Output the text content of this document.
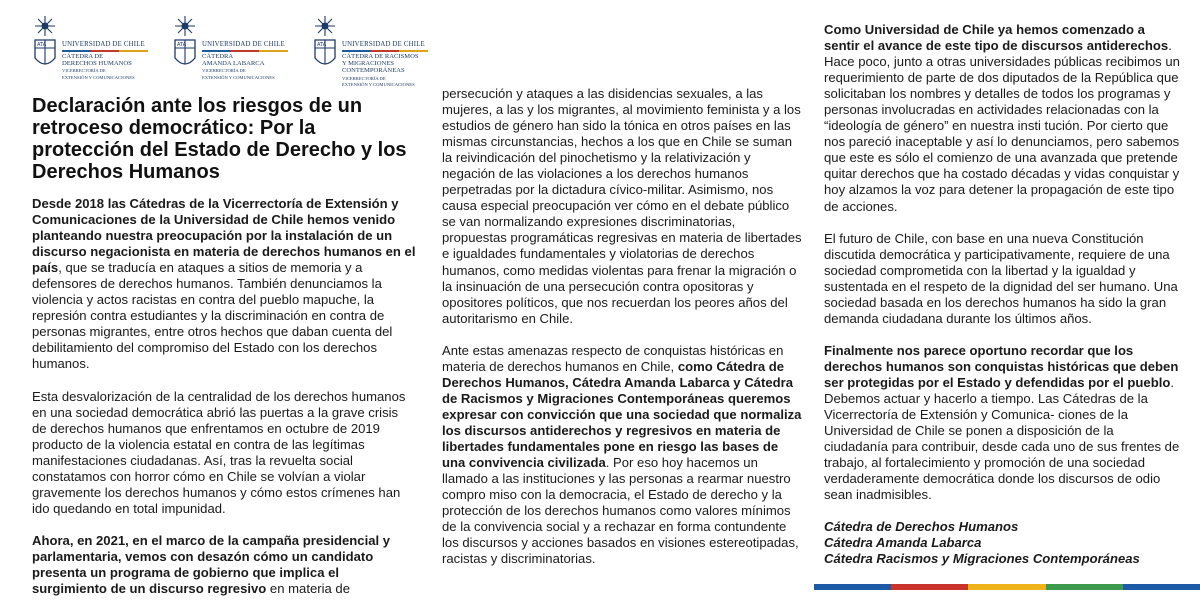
ATA UNIVERSIDAD DE CHILE
CÁTEDRA DE
DERECHOS HUMANOS
VICERRECTORÍA DE
EXTENSIÓN Y COMUNICACIONES
ATA UNIVERSIDAD DE CHILE
CÁTEDRA
AMANDA LABARCA
VICERRECTORÍA DE
EXTENSIÓN Y COMUNICACIONES
ATA UNIVERSIDAD DE CHILE
CÁTEDRA DE RACISMOS
Y MIGRACIONES
CONTEMPORÁNEAS
VICERRECTORÍA DE
EXTENSIÓN Y COMUNICACIONES
Declaración ante los riesgos de un retroceso democrático: Por la protección del Estado de Derecho y los Derechos Humanos

Desde 2018 las Cátedras de la Vicerrectoría de Extensión y Comunicaciones de la Universidad de Chile hemos venido planteando nuestra preocupación por la instalación de un discurso negacionista en materia de derechos humanos en el país, que se traducía en ataques a sitios de memoria y a defensores de derechos humanos. También denunciamos la violencia y actos racistas en contra del pueblo mapuche, la represión contra estudiantes y la discriminación en contra de personas migrantes, entre otros hechos que daban cuenta del debilitamiento del compromiso del Estado con los derechos humanos.

Esta desvalorización de la centralidad de los derechos humanos en una sociedad democrática abrió las puertas a la grave crisis de derechos humanos que enfrentamos en octubre de 2019 producto de la violencia estatal en contra de las legítimas manifestaciones ciudadanas. Así, tras la revuelta social constatamos con horror cómo en Chile se volvían a violar gravemente los derechos humanos y cómo estos crímenes han ido quedando en total impunidad.

Ahora, en 2021, en el marco de la campaña presidencial y parlamentaria, vemos con desazón cómo un candidato presenta un programa de gobierno que implica el surgimiento de un discurso regresivo en materia de

persecución y ataques a las disidencias sexuales, a las mujeres, a las y los migrantes, al movimiento feminista y a los estudios de género han sido la tónica en otros países en las mismas circunstancias, hechos a los que en Chile se suman la reivindicación del pinochetismo y la relativización y negación de las violaciones a los derechos humanos perpetradas por la dictadura cívico-militar. Asimismo, nos causa especial preocupación ver cómo en el debate público se van normalizando expresiones discriminatorias, propuestas programáticas regresivas en materia de libertades e igualdades fundamentales y violatorias de derechos humanos, como medidas violentas para frenar la migración o la insinuación de una persecución contra opositoras y opositores políticos, que nos recuerdan los peores años del autoritarismo en Chile.

Ante estas amenazas respecto de conquistas históricas en materia de derechos humanos en Chile, como Cátedra de Derechos Humanos, Cátedra Amanda Labarca y Cátedra de Racismos y Migraciones Contemporáneas queremos expresar con convicción que una sociedad que normaliza los discursos antiderechos y regresivos en materia de libertades fundamentales pone en riesgo las bases de una convivencia civilizada. Por eso hoy hacemos un llamado a las instituciones y las personas a rearmar nuestro compro miso con la democracia, el Estado de derecho y la protección de los derechos humanos como valores mínimos de la convivencia social y a rechazar en forma contundente los discursos y acciones basados en visiones estereotipadas, racistas y discriminatorias.

Como Universidad de Chile ya hemos comenzado a sentir el avance de este tipo de discursos antiderechos. Hace poco, junto a otras universidades públicas recibimos un requerimiento de parte de dos diputados de la República que solicitaban los nombres y detalles de todos los programas y personas involucradas en actividades relacionadas con la “ideología de género” en nuestra insti tución. Por cierto que nos pareció inaceptable y así lo denunciamos, pero sabemos que este es sólo el comienzo de una avanzada que pretende quitar derechos que ha costado décadas y vidas conquistar y hoy alzamos la voz para detener la propagación de este tipo de acciones.

El futuro de Chile, con base en una nueva Constitución discutida democrática y participativamente, requiere de una sociedad comprometida con la libertad y la igualdad y sustentada en el respeto de la dignidad del ser humano. Una sociedad basada en los derechos humanos ha sido la gran demanda ciudadana durante los últimos años.

Finalmente nos parece oportuno recordar que los derechos humanos son conquistas históricas que deben ser protegidas por el Estado y defendidas por el pueblo. Debemos actuar y hacerlo a tiempo. Las Cátedras de la Vicerrectoría de Extensión y Comunica- ciones de la Universidad de Chile se ponen a disposición de la ciudadanía para contribuir, desde cada uno de sus frentes de trabajo, al fortalecimiento y promoción de una sociedad verdaderamente democrática donde los discursos de odio sean inadmisibles.

Cátedra de Derechos Humanos
Cátedra Amanda Labarca
Cátedra Racismos y Migraciones Contemporáneas
